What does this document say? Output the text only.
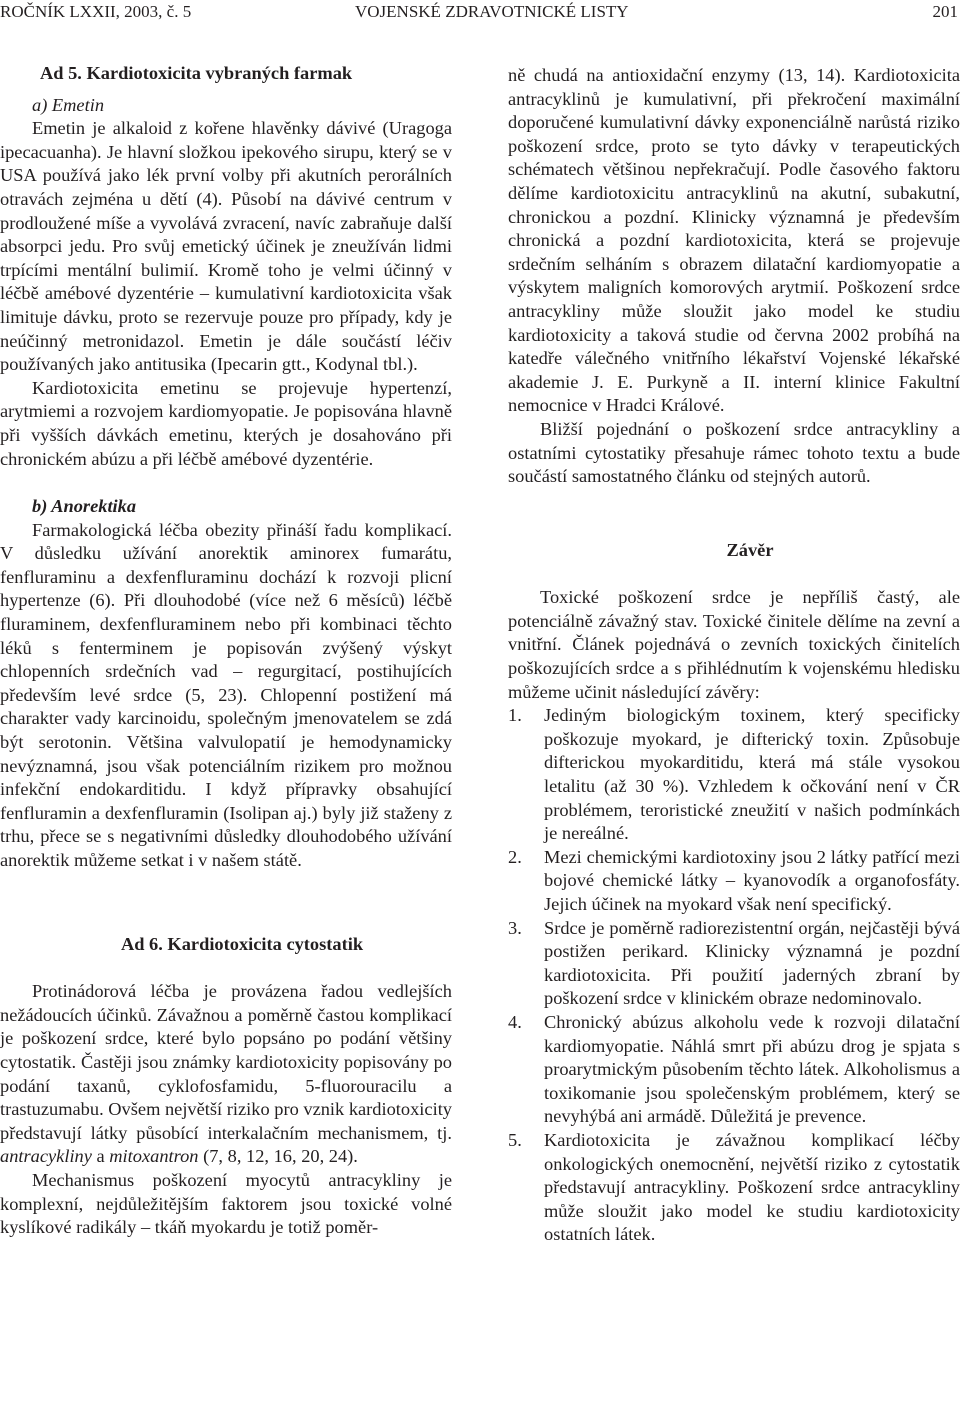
ROČNÍK LXXII, 2003, č. 5	VOJENSKÉ ZDRAVOTNICKÉ LISTY	201

Ad 5. Kardiotoxicita vybraných farmak

a) Emetin

Emetin je alkaloid z kořene hlavěnky dávivé (Uragoga ipecacuanha). Je hlavní složkou ipekového sirupu, který se v USA používá jako lék první volby při akutních perorálních otravách zejména u dětí (4). Působí na dávivé centrum v prodloužené míše a vyvolává zvracení, navíc zabraňuje další absorpci jedu. Pro svůj emetický účinek je zneužíván lidmi trpícími mentální bulimií. Kromě toho je velmi účinný v léčbě amébové dyzentérie – kumulativní kardiotoxicita však limituje dávku, proto se rezervuje pouze pro případy, kdy je neúčinný metronidazol. Emetin je dále součástí léčiv používaných jako antitusika (Ipecarin gtt., Kodynal tbl.).

Kardiotoxicita emetinu se projevuje hypertenzí, arytmiemi a rozvojem kardiomyopatie. Je popisována hlavně při vyšších dávkách emetinu, kterých je dosahováno při chronickém abúzu a při léčbě amébové dyzentérie.

b) Anorektika

Farmakologická léčba obezity přináší řadu komplikací. V důsledku užívání anorektik aminorex fumarátu, fenfluraminu a dexfenfluraminu dochází k rozvoji plicní hypertenze (6). Při dlouhodobé (více než 6 měsíců) léčbě fluraminem, dexfenfluraminem nebo při kombinaci těchto léků s fenterminem je popisován zvýšený výskyt chlopenních srdečních vad – regurgitací, postihujících především levé srdce (5, 23). Chlopenní postižení má charakter vady karcinoidu, společným jmenovatelem se zdá být serotonin. Většina valvulopatií je hemodynamicky nevýznamná, jsou však potenciálním rizikem pro možnou infekční endokarditidu. I když přípravky obsahující fenfluramin a dexfenfluramin (Isolipan aj.) byly již staženy z trhu, přece se s negativními důsledky dlouhodobého užívání anorektik můžeme setkat i v našem státě.

Ad 6. Kardiotoxicita cytostatik

Protinádorová léčba je provázena řadou vedlejších nežádoucích účinků. Závažnou a poměrně častou komplikací je poškození srdce, které bylo popsáno po podání většiny cytostatik. Častěji jsou známky kardiotoxicity popisovány po podání taxanů, cyklofosfamidu, 5-fluorouracilu a trastuzumabu. Ovšem největší riziko pro vznik kardiotoxicity představují látky působící interkalačním mechanismem, tj. antracykliny a mitoxantron (7, 8, 12, 16, 20, 24).

Mechanismus poškození myocytů antracykliny je komplexní, nejdůležitějším faktorem jsou toxické volné kyslíkové radikály – tkáň myokardu je totiž poměr-

ně chudá na antioxidační enzymy (13, 14). Kardiotoxicita antracyklinů je kumulativní, při překročení maximální doporučené kumulativní dávky exponenciálně narůstá riziko poškození srdce, proto se tyto dávky v terapeutických schématech většinou nepřekračují. Podle časového faktoru dělíme kardiotoxicitu antracyklinů na akutní, subakutní, chronickou a pozdní. Klinicky významná je především chronická a pozdní kardiotoxicita, která se projevuje srdečním selháním s obrazem dilatační kardiomyopatie a výskytem maligních komorových arytmií. Poškození srdce antracykliny může sloužit jako model ke studiu kardiotoxicity a taková studie od června 2002 probíhá na katedře válečného vnitřního lékařství Vojenské lékařské akademie J. E. Purkyně a II. interní klinice Fakultní nemocnice v Hradci Králové.

Bližší pojednání o poškození srdce antracykliny a ostatními cytostatiky přesahuje rámec tohoto textu a bude součástí samostatného článku od stejných autorů.

Závěr

Toxické poškození srdce je nepříliš častý, ale potenciálně závažný stav. Toxické činitele dělíme na zevní a vnitřní. Článek pojednává o zevních toxických činitelích poškozujících srdce a s přihlédnutím k vojenskému hledisku můžeme učinit následující závěry:

1. Jediným biologickým toxinem, který specificky poškozuje myokard, je difterický toxin. Způsobuje difterickou myokarditidu, která má stále vysokou letalitu (až 30 %). Vzhledem k očkování není v ČR problémem, teroristické zneužití v našich podmínkách je nereálné.
2. Mezi chemickými kardiotoxiny jsou 2 látky patřící mezi bojové chemické látky – kyanovodík a organofosfáty. Jejich účinek na myokard však není specifický.
3. Srdce je poměrně radiorezistentní orgán, nejčastěji bývá postižen perikard. Klinicky významná je pozdní kardiotoxicita. Při použití jaderných zbraní by poškození srdce v klinickém obraze nedominovalo.
4. Chronický abúzus alkoholu vede k rozvoji dilatační kardiomyopatie. Náhlá smrt při abúzu drog je spjata s proarytmickým působením těchto látek. Alkoholismus a toxikomanie jsou společenským problémem, který se nevyhýbá ani armádě. Důležitá je prevence.
5. Kardiotoxicita je závažnou komplikací léčby onkologických onemocnění, největší riziko z cytostatik představují antracykliny. Poškození srdce antracykliny může sloužit jako model ke studiu kardiotoxicity ostatních látek.
